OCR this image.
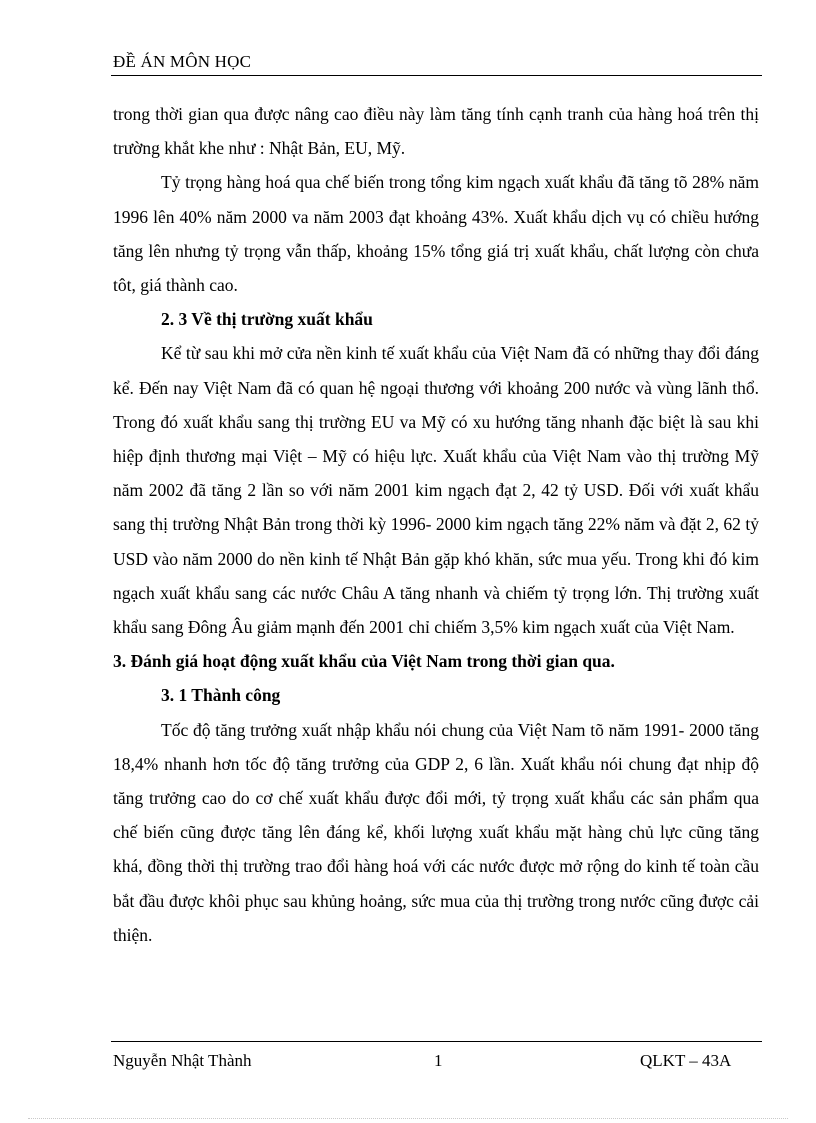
ĐỀ ÁN MÔN HỌC

trong thời gian qua được nâng cao điều này làm tăng tính cạnh tranh của hàng hoá trên thị trường khắt khe như : Nhật Bản, EU, Mỹ.

Tỷ trọng hàng hoá qua chế biến trong tổng kim ngạch xuất khẩu đã tăng tõ 28% năm 1996 lên 40% năm 2000 va năm 2003 đạt khoảng 43%. Xuất khẩu dịch vụ có chiều hướng tăng lên nhưng tỷ trọng vẫn thấp, khoảng 15% tổng giá trị xuất khẩu, chất lượng còn chưa tôt, giá thành cao.

2. 3 Về thị trường xuất khẩu

Kể từ sau khi mở cửa nền kinh tế xuất khẩu của Việt Nam đã có những thay đổi đáng kể. Đến nay Việt Nam đã có quan hệ ngoại thương với khoảng 200 nước và vùng lãnh thổ. Trong đó xuất khẩu sang thị trường EU va Mỹ có xu hướng tăng nhanh đặc biệt là sau khi hiệp định thương mại Việt – Mỹ có hiệu lực. Xuất khẩu của Việt Nam vào thị trường Mỹ năm 2002 đã tăng 2 lần so với năm 2001 kim ngạch đạt 2, 42 tỷ USD. Đối với xuất khẩu sang thị trường Nhật Bản trong thời kỳ 1996- 2000 kim ngạch tăng 22% năm và đặt 2, 62 tỷ USD vào năm 2000 do nền kinh tế Nhật Bản gặp khó khăn, sức mua yếu. Trong khi đó kim ngạch xuất khẩu sang các nước Châu A tăng nhanh và chiếm tỷ trọng lớn. Thị trường xuất khẩu sang Đông Âu giảm mạnh đến 2001 chỉ chiếm 3,5% kim ngạch xuất của Việt Nam.

3. Đánh giá hoạt động xuất khẩu của Việt Nam trong thời gian qua.

3. 1 Thành công

Tốc độ tăng trưởng xuất nhập khẩu nói chung của Việt Nam tõ năm 1991- 2000 tăng 18,4% nhanh hơn tốc độ tăng trưởng của GDP 2, 6 lần. Xuất khẩu nói chung đạt nhịp độ tăng trưởng cao do cơ chế xuất khẩu được đổi mới, tỷ trọng xuất khẩu các sản phẩm qua chế biến cũng được tăng lên đáng kể, khối lượng xuất khẩu mặt hàng chủ lực cũng tăng khá, đồng thời thị trường trao đổi hàng hoá với các nước được mở rộng do kinh tế toàn cầu bắt đầu được khôi phục sau khủng hoảng, sức mua của thị trường trong nước cũng được cải thiện.

Nguyễn Nhật Thành	1	QLKT – 43A
